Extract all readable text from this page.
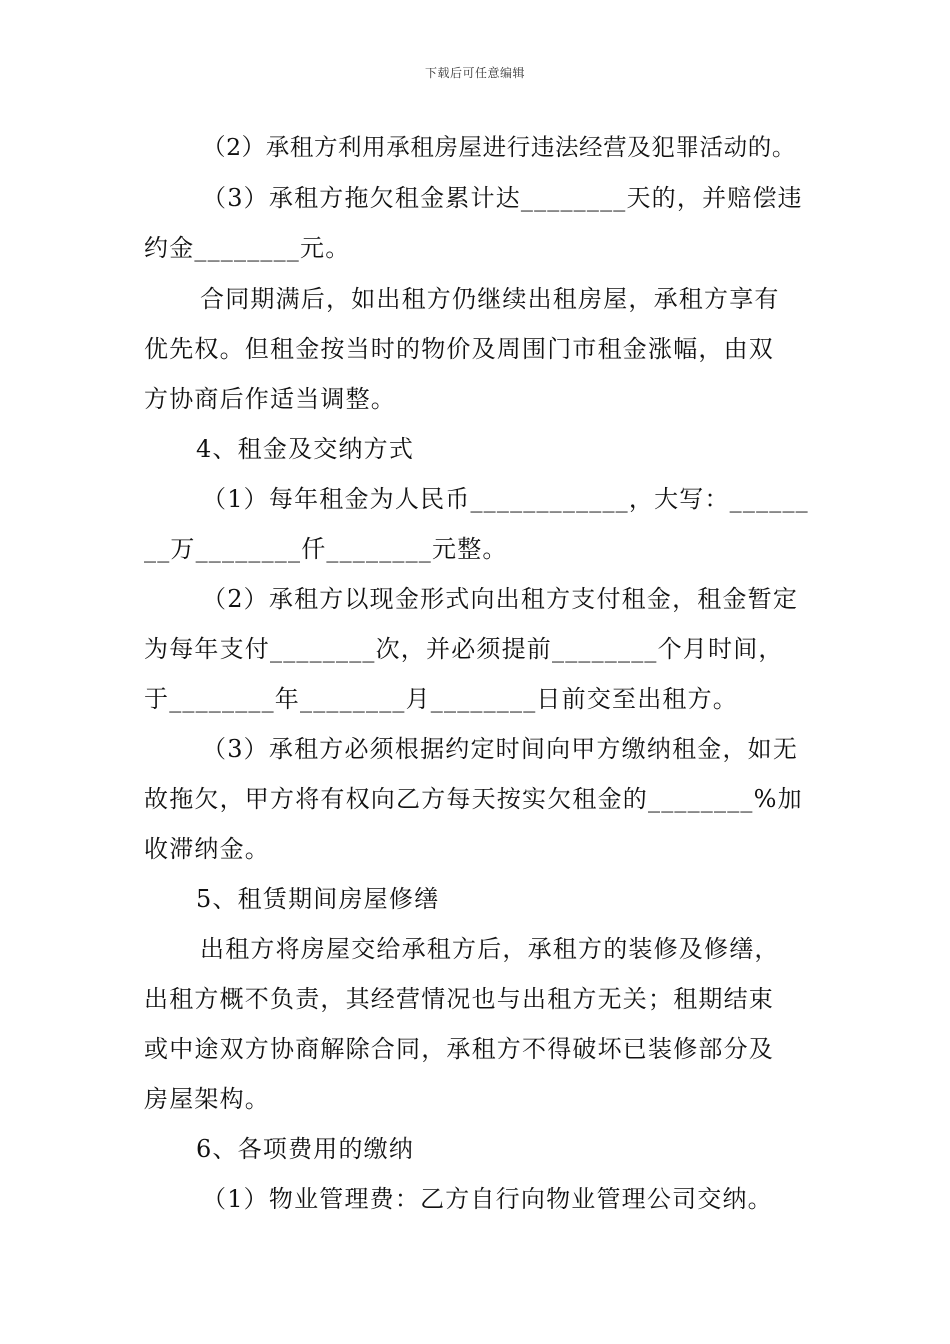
下载后可任意编辑
（2）承租方利用承租房屋进行违法经营及犯罪活动的。
（3）承租方拖欠租金累计达________天的，并赔偿违
约金________元。
合同期满后，如出租方仍继续出租房屋，承租方享有
优先权。但租金按当时的物价及周围门市租金涨幅，由双
方协商后作适当调整。
4、租金及交纳方式
（1）每年租金为人民币____________，大写：______
__万________仟________元整。
（2）承租方以现金形式向出租方支付租金，租金暂定
为每年支付________次，并必须提前________个月时间，
于________年________月________日前交至出租方。
（3）承租方必须根据约定时间向甲方缴纳租金，如无
故拖欠，甲方将有权向乙方每天按实欠租金的________%加
收滞纳金。
5、租赁期间房屋修缮
出租方将房屋交给承租方后，承租方的装修及修缮，
出租方概不负责，其经营情况也与出租方无关；租期结束
或中途双方协商解除合同，承租方不得破坏已装修部分及
房屋架构。
6、各项费用的缴纳
（1）物业管理费：乙方自行向物业管理公司交纳。
